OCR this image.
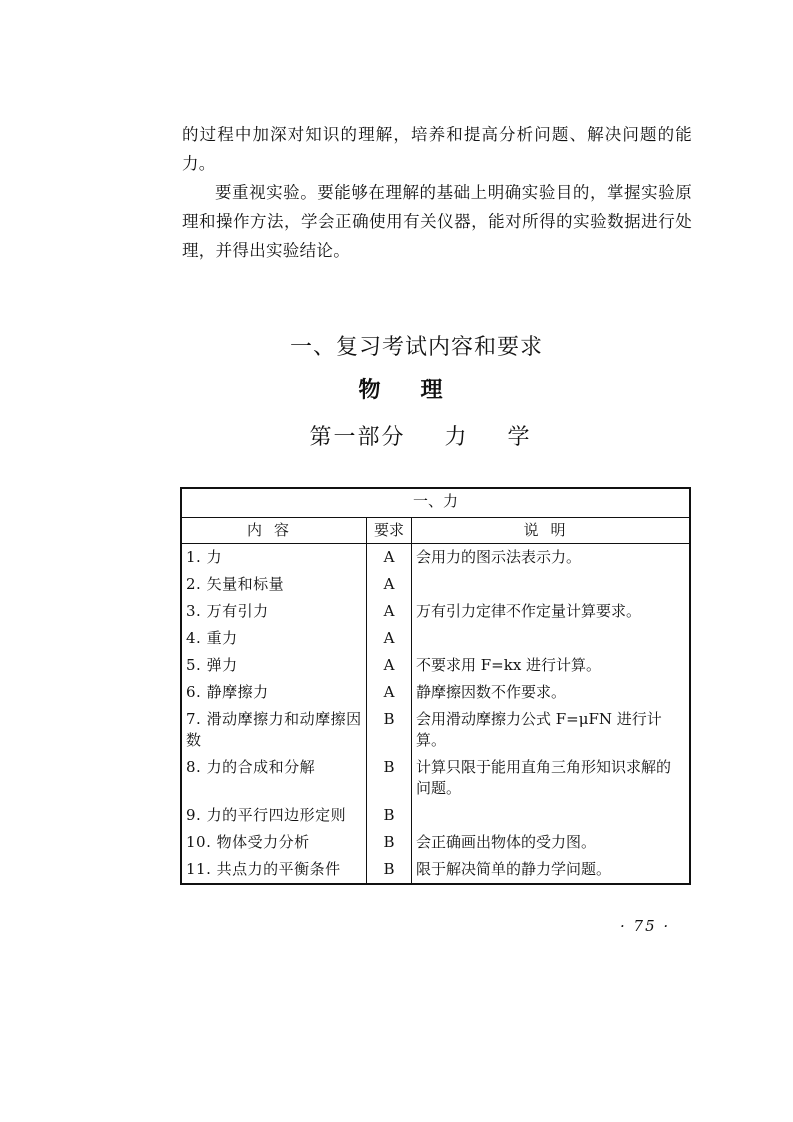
的过程中加深对知识的理解，培养和提高分析问题、解决问题的能力。

要重视实验。要能够在理解的基础上明确实验目的，掌握实验原理和操作方法，学会正确使用有关仪器，能对所得的实验数据进行处理，并得出实验结论。

一、复习考试内容和要求
物理
第一部分 力 学
一、力		
内容	要求	说明
1. 力	A	会用力的图示法表示力。
2. 矢量和标量	A	
3. 万有引力	A	万有引力定律不作定量计算要求。
4. 重力	A	
5. 弹力	A	不要求用 F=kx 进行计算。
6. 静摩擦力	A	静摩擦因数不作要求。
7. 滑动摩擦力和动摩擦因数	B	会用滑动摩擦力公式 F=μFN 进行计算。
8. 力的合成和分解	B	计算只限于能用直角三角形知识求解的问题。
9. 力的平行四边形定则	B	
10. 物体受力分析	B	会正确画出物体的受力图。
11. 共点力的平衡条件	B	限于解决简单的静力学问题。
· 75 ·
